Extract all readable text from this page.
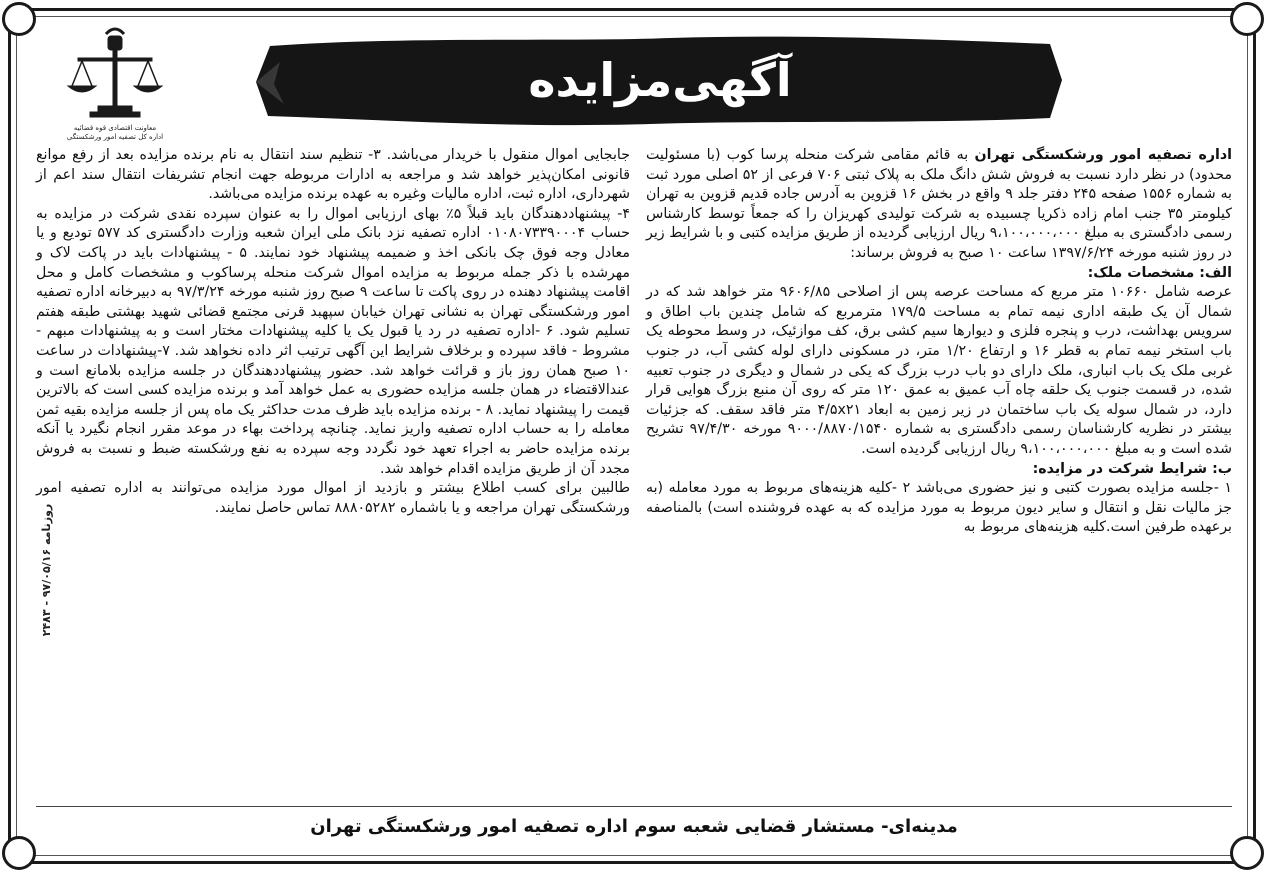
آگهی‌مزایده
معاونت اقتصادی قوه قضائیه
اداره کل تصفیه امور ورشکستگی
روزنامه ۹۷/۰۵/۱۶ - ۲۴۸۳

اداره تصفیه امور ورشکستگی تهران به قائم مقامی شرکت منحله پرسا کوب (با مسئولیت محدود) در نظر دارد نسبت به فروش شش دانگ ملک به پلاک ثبتی ۷۰۶ فرعی از ۵۲ اصلی مورد ثبت به شماره ۱۵۵۶ صفحه ۲۴۵ دفتر جلد ۹ واقع در بخش ۱۶ قزوین به آدرس جاده قدیم قزوین به تهران کیلومتر ۳۵ جنب امام زاده ذکریا چسبیده به شرکت تولیدی کهریزان را که جمعاً توسط کارشناس رسمی دادگستری به مبلغ ۹،۱۰۰،۰۰۰،۰۰۰ ریال ارزیابی گردیده از طریق مزایده کتبی و با شرایط زیر در روز شنبه مورخه ۱۳۹۷/۶/۲۴ ساعت ۱۰ صبح به فروش برساند:

الف: مشخصات ملک:

عرصه شامل ۱۰۶۶۰ متر مربع که مساحت عرصه پس از اصلاحی ۹۶۰۶/۸۵ متر خواهد شد که در شمال آن یک طبقه اداری نیمه تمام به مساحت ۱۷۹/۵ مترمربع که شامل چندین باب اطاق و سرویس بهداشت، درب و پنجره فلزی و دیوارها سیم کشی برق، کف موازئیک، در وسط محوطه یک باب استخر نیمه تمام به قطر ۱۶ و ارتفاع ۱/۲۰ متر، در مسکونی دارای لوله کشی آب، در جنوب غربی ملک یک باب انباری، ملک دارای دو باب درب بزرگ که یکی در شمال و دیگری در جنوب تعبیه شده، در قسمت جنوب یک حلقه چاه آب عمیق به عمق ۱۲۰ متر که روی آن منبع بزرگ هوایی قرار دارد، در شمال سوله یک باب ساختمان در زیر زمین به ابعاد ۴/۵x۲۱ متر فاقد سقف. که جزئیات بیشتر در نظریه کارشناسان رسمی دادگستری به شماره ۹۰۰۰/۸۸۷۰/۱۵۴۰ مورخه ۹۷/۴/۳۰ تشریح شده است و به مبلغ ۹،۱۰۰،۰۰۰،۰۰۰ ریال ارزیابی گردیده است.

ب: شرایط شرکت در مزایده:

۱ -جلسه مزایده بصورت کتبی و نیز حضوری می‌باشد ۲ -کلیه هزینه‌های مربوط به مورد معامله (به جز مالیات نقل و انتقال و سایر دیون مربوط به مورد مزایده که به عهده فروشنده است) بالمناصفه برعهده طرفین است.کلیه هزینه‌های مربوط به

جابجایی اموال منقول با خریدار می‌باشد. ۳- تنظیم سند انتقال به نام برنده مزایده بعد از رفع موانع قانونی امکان‌پذیر خواهد شد و مراجعه به ادارات مربوطه جهت انجام تشریفات انتقال سند اعم از شهرداری، اداره ثبت، اداره مالیات وغیره به عهده برنده مزایده می‌باشد.

۴- پیشنهاددهندگان باید قبلاً ۵٪ بهای ارزیابی اموال را به عنوان سپرده نقدی شرکت در مزایده به حساب ۰۱۰۸۰۷۳۳۹۰۰۰۴ اداره تصفیه نزد بانک ملی ایران شعبه وزارت دادگستری کد ۵۷۷ تودیع و یا معادل وجه فوق چک بانکی اخذ و ضمیمه پیشنهاد خود نمایند. ۵ - پیشنهادات باید در پاکت لاک و مهرشده با ذکر جمله مربوط به مزایده اموال شرکت منحله پرساکوب و مشخصات کامل و محل اقامت پیشنهاد دهنده در روی پاکت تا ساعت ۹ صبح روز شنبه مورخه ۹۷/۳/۲۴ به دبیرخانه اداره تصفیه امور ورشکستگی تهران به نشانی تهران خیابان سپهبد قرنی مجتمع قضائی شهید بهشتی طبقه هفتم تسلیم شود. ۶ -اداره تصفیه در رد یا قبول یک یا کلیه پیشنهادات مختار است و به پیشنهادات مبهم - مشروط - فاقد سپرده و برخلاف شرایط این آگهی ترتیب اثر داده نخواهد شد. ۷-پیشنهادات در ساعت ۱۰ صبح همان روز باز و قرائت خواهد شد. حضور پیشنهاددهندگان در جلسه مزایده بلامانع است و عندالاقتضاء در همان جلسه مزایده حضوری به عمل خواهد آمد و برنده مزایده کسی است که بالاترین قیمت را پیشنهاد نماید. ۸ - برنده مزایده باید ظرف مدت حداکثر یک ماه پس از جلسه مزایده بقیه ثمن معامله را به حساب اداره تصفیه واریز نماید. چنانچه پرداخت بهاء در موعد مقرر انجام نگیرد یا آنکه برنده مزایده حاضر به اجراء تعهد خود نگردد وجه سپرده به نفع ورشکسته ضبط و نسبت به فروش مجدد آن از طریق مزایده اقدام خواهد شد.

طالبین برای کسب اطلاع بیشتر و بازدید از اموال مورد مزایده می‌توانند به اداره تصفیه امور ورشکستگی تهران مراجعه و یا باشماره ۸۸۸۰۵۲۸۲ تماس حاصل نمایند.

مدینه‌ای- مستشار قضایی شعبه سوم اداره تصفیه امور ورشکستگی تهران
